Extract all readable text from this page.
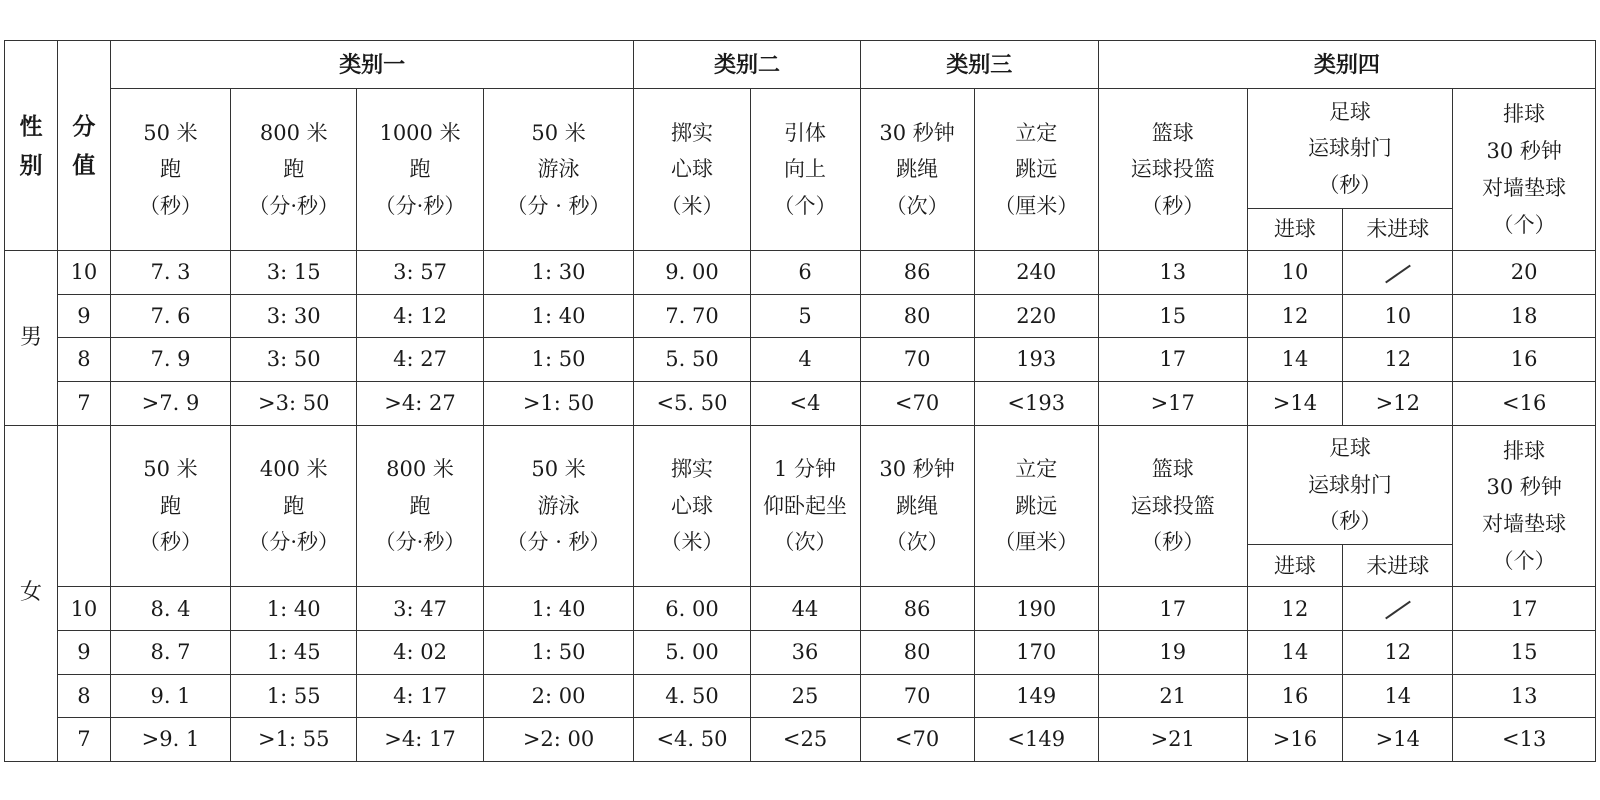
性
别	分
值	类别一				类别二		类别三		类别四			

		50 米
跑
（秒）	800 米
跑
（分·秒）	1000 米
跑
（分·秒）	50 米
游泳
（分 · 秒）	掷实
心球
（米）	引体
向上
（个）	30 秒钟
跳绳
（次）	立定
跳远
（厘米）	篮球
运球投篮
（秒）	足球
运球射门
（秒）		排球
30 秒钟
对墙垫球
（个）

											进球	未进球	
男	10	7. 3	3: 15	3: 57	1: 30	9. 00	6	86	240	13	10		20
	9	7. 6	3: 30	4: 12	1: 40	7. 70	5	80	220	15	12	10	18
	8	7. 9	3: 50	4: 27	1: 50	5. 50	4	70	193	17	14	12	16
	7	>7. 9	>3: 50	>4: 27	>1: 50	<5. 50	<4	<70	<193	>17	>14	>12	<16
女		50 米
跑
（秒）	400 米
跑
（分·秒）	800 米
跑
（分·秒）	50 米
游泳
（分 · 秒）	掷实
心球
（米）	1 分钟
仰卧起坐
（次）	30 秒钟
跳绳
（次）	立定
跳远
（厘米）	篮球
运球投篮
（秒）	足球
运球射门
（秒）		排球
30 秒钟
对墙垫球
（个）

											进球	未进球	
	10	8. 4	1: 40	3: 47	1: 40	6. 00	44	86	190	17	12		17
	9	8. 7	1: 45	4: 02	1: 50	5. 00	36	80	170	19	14	12	15
	8	9. 1	1: 55	4: 17	2: 00	4. 50	25	70	149	21	16	14	13
	7	>9. 1	>1: 55	>4: 17	>2: 00	<4. 50	<25	<70	<149	>21	>16	>14	<13
